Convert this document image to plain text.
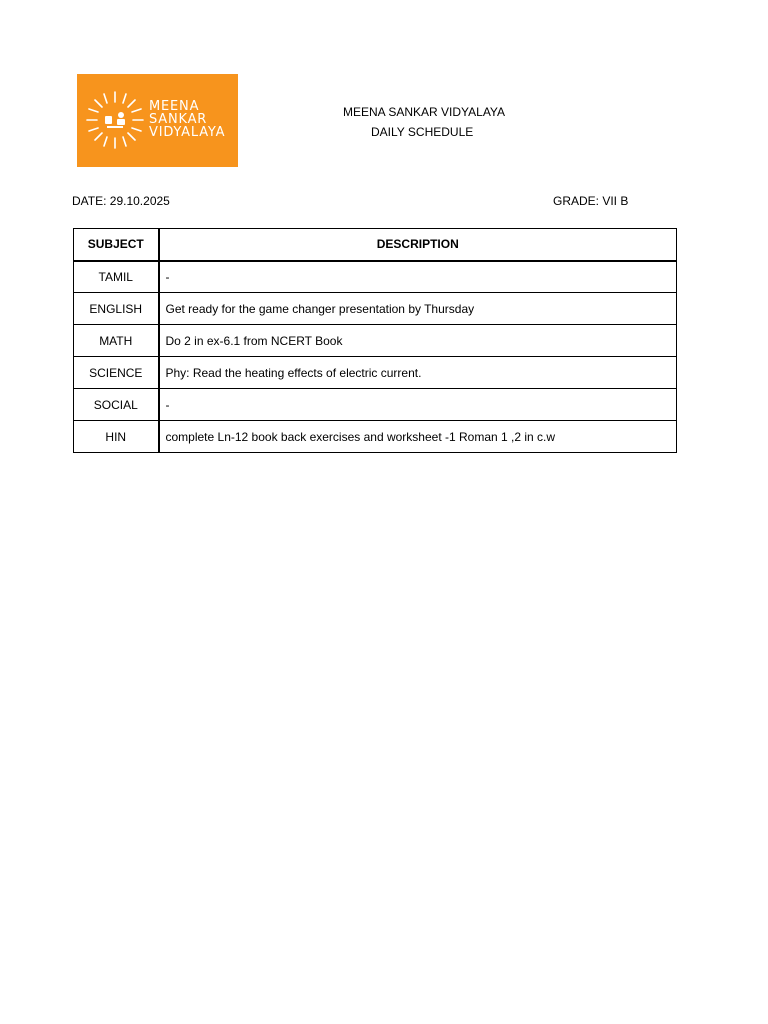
MEENA
SANKAR
VIDYALAYA
MEENA SANKAR VIDYALAYA
DAILY SCHEDULE
DATE: 29.10.2025	GRADE: VII B
SUBJECT	DESCRIPTION
TAMIL	-
ENGLISH	Get ready for the game changer presentation by Thursday
MATH	Do 2 in ex-6.1 from NCERT Book
SCIENCE	Phy: Read the heating effects of electric current.
SOCIAL	-
HIN	complete Ln-12 book back exercises and worksheet -1 Roman 1 ,2 in c.w
